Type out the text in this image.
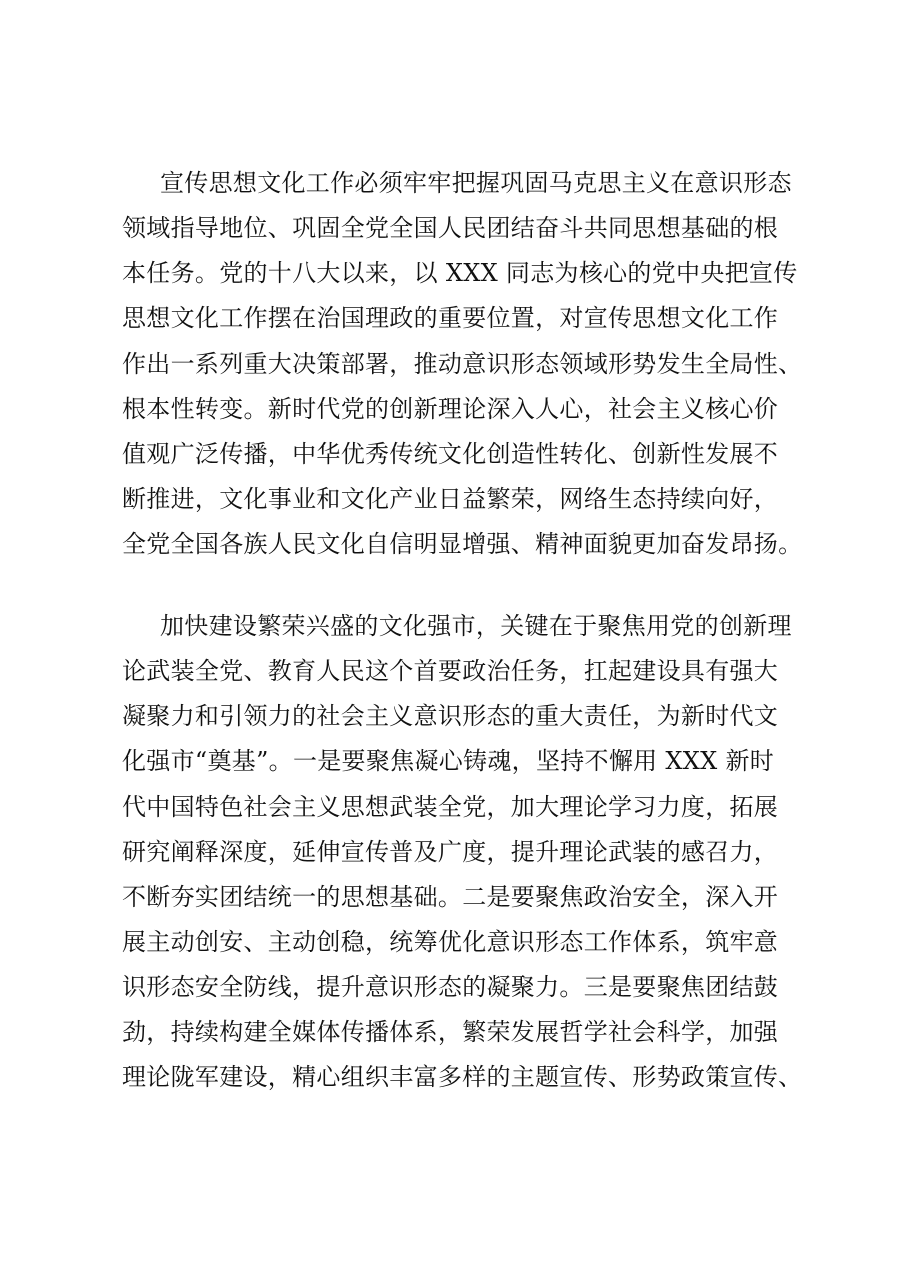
宣传思想文化工作必须牢牢把握巩固马克思主义在意识形态
领域指导地位、巩固全党全国人民团结奋斗共同思想基础的根
本任务。党的十八大以来，以 XXX 同志为核心的党中央把宣传
思想文化工作摆在治国理政的重要位置，对宣传思想文化工作
作出一系列重大决策部署，推动意识形态领域形势发生全局性、
根本性转变。新时代党的创新理论深入人心，社会主义核心价
值观广泛传播，中华优秀传统文化创造性转化、创新性发展不
断推进，文化事业和文化产业日益繁荣，网络生态持续向好，
全党全国各族人民文化自信明显增强、精神面貌更加奋发昂扬。
加快建设繁荣兴盛的文化强市，关键在于聚焦用党的创新理
论武装全党、教育人民这个首要政治任务，扛起建设具有强大
凝聚力和引领力的社会主义意识形态的重大责任，为新时代文
化强市“奠基”。一是要聚焦凝心铸魂，坚持不懈用 XXX 新时
代中国特色社会主义思想武装全党，加大理论学习力度，拓展
研究阐释深度，延伸宣传普及广度，提升理论武装的感召力，
不断夯实团结统一的思想基础。二是要聚焦政治安全，深入开
展主动创安、主动创稳，统筹优化意识形态工作体系，筑牢意
识形态安全防线，提升意识形态的凝聚力。三是要聚焦团结鼓
劲，持续构建全媒体传播体系，繁荣发展哲学社会科学，加强
理论陇军建设，精心组织丰富多样的主题宣传、形势政策宣传、
